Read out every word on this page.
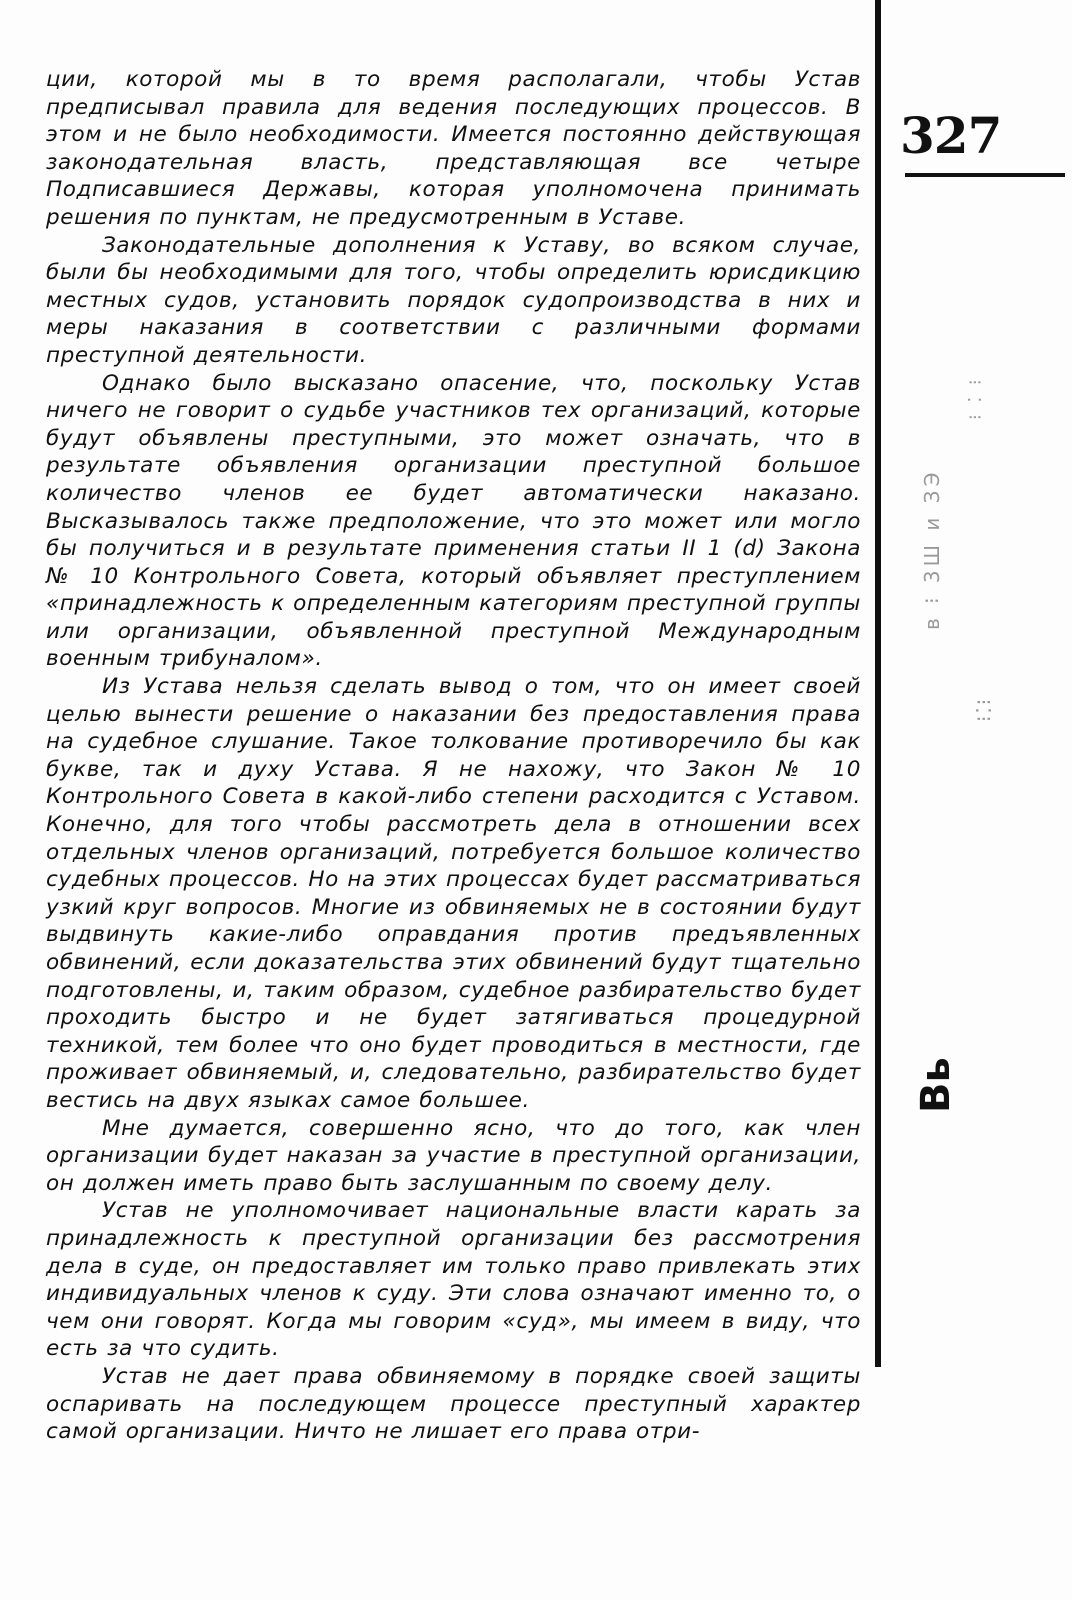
327
⁝ ⁚ ⁝
в ⁝ 3Ш и ЗЭ
⁝⁚⁝
Вь

ции, которой мы в то время располагали, чтобы Устав предписывал правила для ведения последующих процессов. В этом и не было необходимости. Имеется постоянно действующая законодательная власть, представляющая все четыре Подписавшиеся Державы, которая уполномочена принимать решения по пунктам, не предусмотренным в Уставе.

Законодательные дополнения к Уставу, во всяком случае, были бы необходимыми для того, чтобы определить юрисдикцию местных судов, установить порядок судопроизводства в них и меры наказания в соответствии с различными формами преступной деятельности.

Однако было высказано опасение, что, поскольку Устав ничего не говорит о судьбе участников тех организаций, которые будут объявлены преступными, это может означать, что в результате объявления организации преступной большое количество членов ее будет автоматически наказано. Высказывалось также предположение, что это может или могло бы получиться и в результате применения статьи II 1 (d) Закона № 10 Контрольного Совета, который объявляет преступлением «принадлежность к определенным категориям преступной группы или организации, объявленной преступной Международным военным трибуналом».

Из Устава нельзя сделать вывод о том, что он имеет своей целью вынести решение о наказании без предоставления права на судебное слушание. Такое толкование противоречило бы как букве, так и духу Устава. Я не нахожу, что Закон № 10 Контрольного Совета в какой-либо степени расходится с Уставом. Конечно, для того чтобы рассмотреть дела в отношении всех отдельных членов организаций, потребуется большое количество судебных процессов. Но на этих процессах будет рассматриваться узкий круг вопросов. Многие из обвиняемых не в состоянии будут выдвинуть какие-либо оправдания против предъявленных обвинений, если доказательства этих обвинений будут тщательно подготовлены, и, таким образом, судебное разбирательство будет проходить быстро и не будет затягиваться процедурной техникой, тем более что оно будет проводиться в местности, где проживает обвиняемый, и, следовательно, разбирательство будет вестись на двух языках самое большее.

Мне думается, совершенно ясно, что до того, как член организации будет наказан за участие в преступной организации, он должен иметь право быть заслушанным по своему делу.

Устав не уполномочивает национальные власти карать за принадлежность к преступной организации без рассмотрения дела в суде, он предоставляет им только право привлекать этих индивидуальных членов к суду. Эти слова означают именно то, о чем они говорят. Когда мы говорим «суд», мы имеем в виду, что есть за что судить.

Устав не дает права обвиняемому в порядке своей защиты оспаривать на последующем процессе преступный характер самой организации. Ничто не лишает его права отри-
